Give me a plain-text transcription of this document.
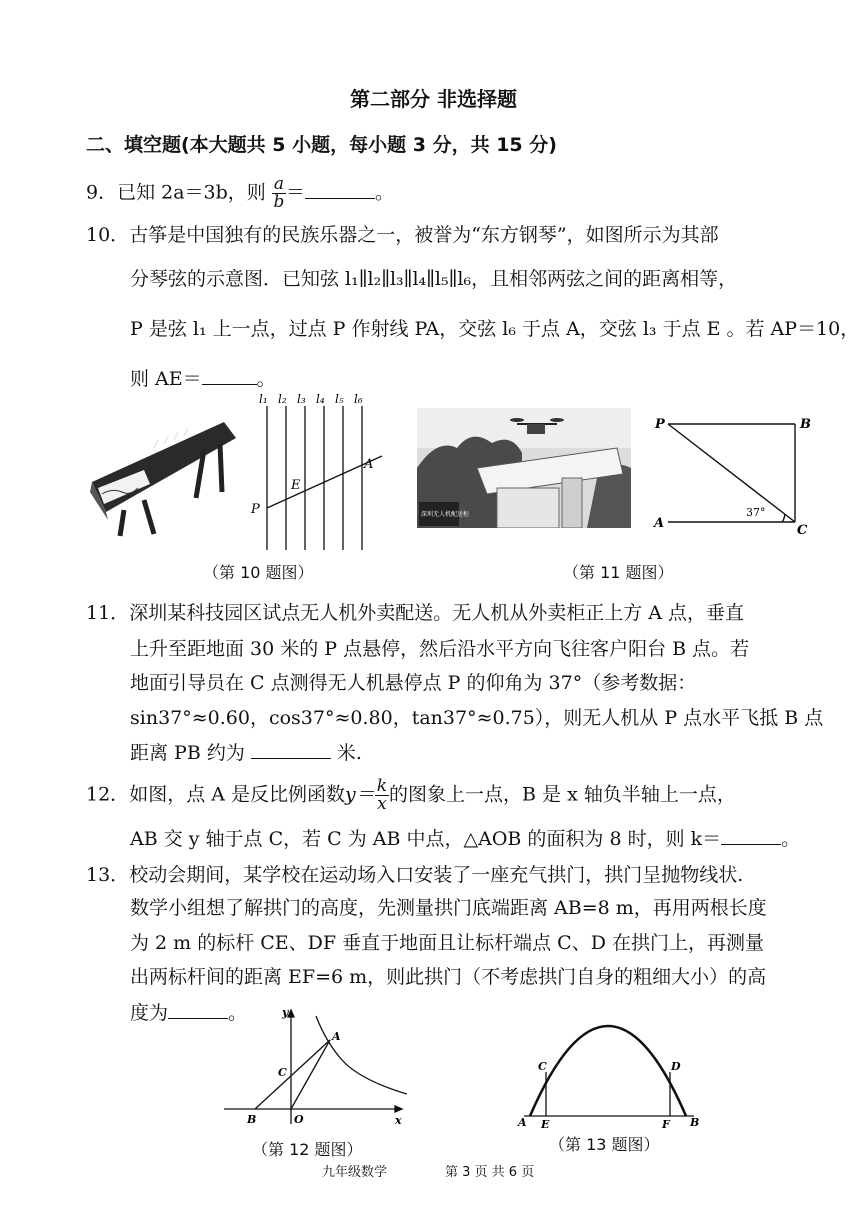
第二部分 非选择题
二、填空题(本大题共 5 小题，每小题 3 分，共 15 分)
9．已知 2a＝3b，则 $\frac{a}{b}$ ＝	。
10．古筝是中国独有的民族乐器之一，被誉为“东方钢琴”，如图所示为其部
分琴弦的示意图．已知弦 l₁∥l₂∥l₃∥l₄∥l₅∥l₆，且相邻两弦之间的距离相等，
P 是弦 l₁ 上一点，过点 P 作射线 PA，交弦 l₆ 于点 A，交弦 l₃ 于点 E 。若 AP＝10，
则 AE＝	。
l₁ l₂ l₃ l₄ l₅ l₆
P
E
A
深圳无人机配送柜
P	B
A	C
37°
（第 10 题图）	（第 11 题图）
11．深圳某科技园区试点无人机外卖配送。无人机从外卖柜正上方 A 点，垂直
上升至距地面 30 米的 P 点悬停，然后沿水平方向飞往客户阳台 B 点。若
地面引导员在 C 点测得无人机悬停点 P 的仰角为 37°（参考数据：
sin37°≈0.60，cos37°≈0.80，tan37°≈0.75），则无人机从 P 点水平飞抵 B 点
距离 PB 约为	米.
12．如图，点 A 是反比例函数$y= \frac{k}{x}$ 的图象上一点，B 是 x 轴负半轴上一点，
AB 交 y 轴于点 C，若 C 为 AB 中点，△AOB 的面积为 8 时，则 k＝	。
13．校动会期间，某学校在运动场入口安装了一座充气拱门，拱门呈抛物线状.
数学小组想了解拱门的高度，先测量拱门底端距离 AB=8 m，再用两根长度
为 2 m 的标杆 CE、DF 垂直于地面且让标杆端点 C、D 在拱门上，再测量
出两标杆间的距离 EF=6 m，则此拱门（不考虑拱门自身的粗细大小）的高
度为	。	y
x
O
A
B
C
A	B
C	D
E	F
（第 12 题图）	（第 13 题图）
九年级数学	第 3 页 共 6 页
